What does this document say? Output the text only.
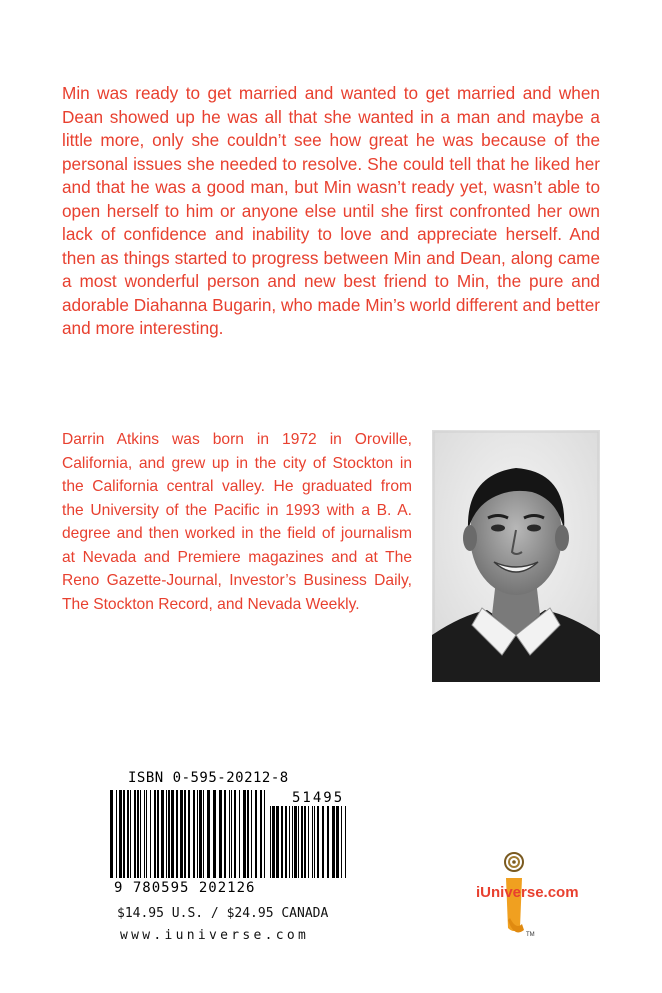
Min was ready to get married and wanted to get married and when Dean showed up he was all that she wanted in a man and maybe a little more, only she couldn’t see how great he was because of the personal issues she needed to resolve. She could tell that he liked her and that he was a good man, but Min wasn’t ready yet, wasn’t able to open herself to him or anyone else until she first confronted her own lack of confidence and inability to love and appreciate herself. And then as things started to progress between Min and Dean, along came a most wonderful person and new best friend to Min, the pure and adorable Diahanna Bugarin, who made Min’s world different and better and more interesting.

Darrin Atkins was born in 1972 in Oroville, California, and grew up in the city of Stockton in the California central valley. He graduated from the University of the Pacific in 1993 with a B. A. degree and then worked in the field of journalism at Nevada and Premiere magazines and at The Reno Gazette-Journal, Investor’s Business Daily, The Stockton Record, and Nevada Weekly.

ISBN 0-595-20212-8
51495
9 780595 202126
$14.95 U.S. / $24.95 CANADA
www.iuniverse.com	TM
iUniverse.com
